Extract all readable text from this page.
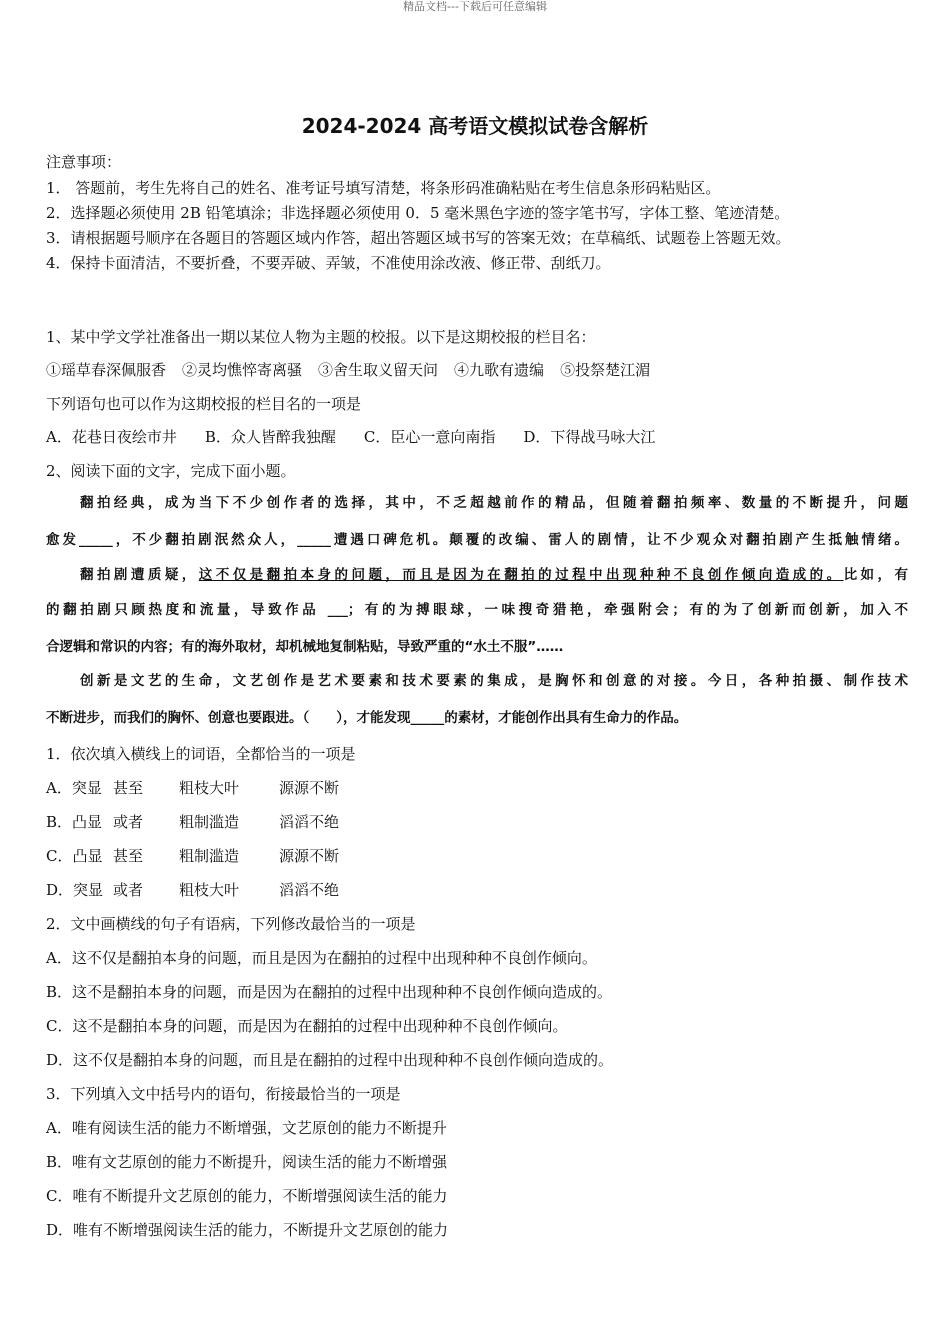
精品文档---下载后可任意编辑
2024-2024 高考语文模拟试卷含解析
注意事项：
1． 答题前，考生先将自己的姓名、准考证号填写清楚，将条形码准确粘贴在考生信息条形码粘贴区。
2．选择题必须使用 2B 铅笔填涂；非选择题必须使用 0．5 毫米黑色字迹的签字笔书写，字体工整、笔迹清楚。
3．请根据题号顺序在各题目的答题区域内作答，超出答题区域书写的答案无效；在草稿纸、试题卷上答题无效。
4．保持卡面清洁，不要折叠，不要弄破、弄皱，不准使用涂改液、修正带、刮纸刀。
1、某中学文学社准备出一期以某位人物为主题的校报。以下是这期校报的栏目名：
①瑶草春深佩服香 ②灵均憔悴寄离骚 ③舍生取义留天问 ④九歌有遗编 ⑤投祭楚江湄
下列语句也可以作为这期校报的栏目名的一项是
A．花巷日夜绘市井 B．众人皆醉我独醒 C．臣心一意向南指 D．下得战马咏大江
2、阅读下面的文字，完成下面小题。
翻拍经典，成为当下不少创作者的选择，其中，不乏超越前作的精品，但随着翻拍频率、数量的不断提升，问题
愈发_____，不少翻拍剧泯然众人，_____遭遇口碑危机。颠覆的改编、雷人的剧情，让不少观众对翻拍剧产生抵触情绪。
翻拍剧遭质疑，这不仅是翻拍本身的问题，而且是因为在翻拍的过程中出现种种不良创作倾向造成的。比如，有
的翻拍剧只顾热度和流量，导致作品 ___；有的为搏眼球，一味搜奇猎艳，牵强附会；有的为了创新而创新，加入不
合逻辑和常识的内容；有的海外取材，却机械地复制粘贴，导致严重的“水土不服”……
创新是文艺的生命，文艺创作是艺术要素和技术要素的集成，是胸怀和创意的对接。今日，各种拍摄、制作技术
不断进步，而我们的胸怀、创意也要跟进。（　　），才能发现_____的素材，才能创作出具有生命力的作品。
1．依次填入横线上的词语，全都恰当的一项是
A．突显 甚至 粗枝大叶	源源不断
B．凸显 或者 粗制滥造	滔滔不绝
C．凸显 甚至 粗制滥造	源源不断
D．突显 或者 粗枝大叶	滔滔不绝
2．文中画横线的句子有语病，下列修改最恰当的一项是
A．这不仅是翻拍本身的问题，而且是因为在翻拍的过程中出现种种不良创作倾向。
B．这不是翻拍本身的问题，而是因为在翻拍的过程中出现种种不良创作倾向造成的。
C．这不是翻拍本身的问题，而是因为在翻拍的过程中出现种种不良创作倾向。
D．这不仅是翻拍本身的问题，而且是在翻拍的过程中出现种种不良创作倾向造成的。
3．下列填入文中括号内的语句，衔接最恰当的一项是
A．唯有阅读生活的能力不断增强，文艺原创的能力不断提升
B．唯有文艺原创的能力不断提升，阅读生活的能力不断增强
C．唯有不断提升文艺原创的能力，不断增强阅读生活的能力
D．唯有不断增强阅读生活的能力，不断提升文艺原创的能力
